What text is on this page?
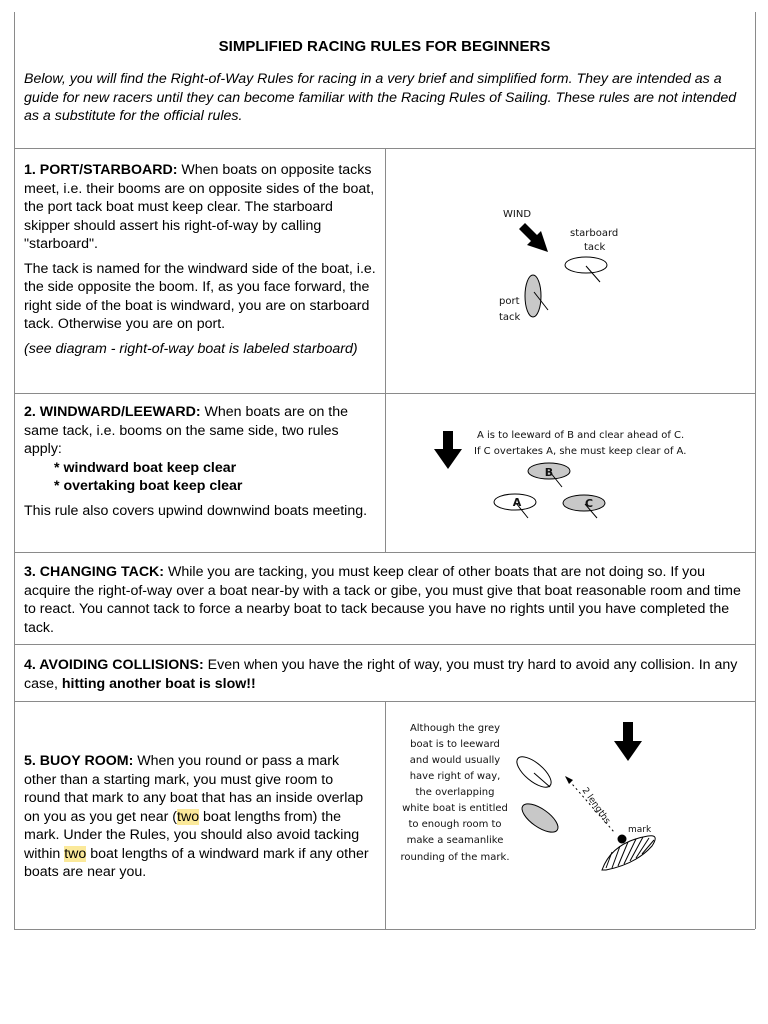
SIMPLIFIED RACING RULES FOR BEGINNERS
Below, you will find the Right-of-Way Rules for racing in a very brief and simplified form. They are intended as a guide for new racers until they can become familiar with the Racing Rules of Sailing. These rules are not intended as a substitute for the official rules.

1. PORT/STARBOARD: When boats on opposite tacks meet, i.e. their booms are on opposite sides of the boat, the port tack boat must keep clear. The starboard skipper should assert his right-of-way by calling "starboard".

The tack is named for the windward side of the boat, i.e. the side opposite the boom. If, as you face forward, the right side of the boat is windward, you are on starboard tack. Otherwise you are on port.

(see diagram - right-of-way boat is labeled starboard)

2. WINDWARD/LEEWARD: When boats are on the same tack, i.e. booms on the same side, two rules apply:

* windward boat keep clear
* overtaking boat keep clear

This rule also covers upwind downwind boats meeting.

3. CHANGING TACK: While you are tacking, you must keep clear of other boats that are not doing so. If you acquire the right-of-way over a boat near-by with a tack or gibe, you must give that boat reasonable room and time to react. You cannot tack to force a nearby boat to tack because you have no rights until you have completed the tack.

4. AVOIDING COLLISIONS: Even when you have the right of way, you must try hard to avoid any collision. In any case, hitting another boat is slow!!

5. BUOY ROOM: When you round or pass a mark other than a starting mark, you must give room to round that mark to any boat that has an inside overlap on you as you get near (two boat lengths from) the mark. Under the Rules, you should also avoid tacking within two boat lengths of a windward mark if any other boats are near you.

WIND
starboard
tack
port
tack
A is to leeward of B and clear ahead of C.
If C overtakes A, she must keep clear of A.
B
A	C
Although the grey
boat is to leeward
and would usually
have right of way,
the overlapping
white boat is entitled
to enough room to
make a seamanlike
rounding of the mark.
2 lengths
mark
